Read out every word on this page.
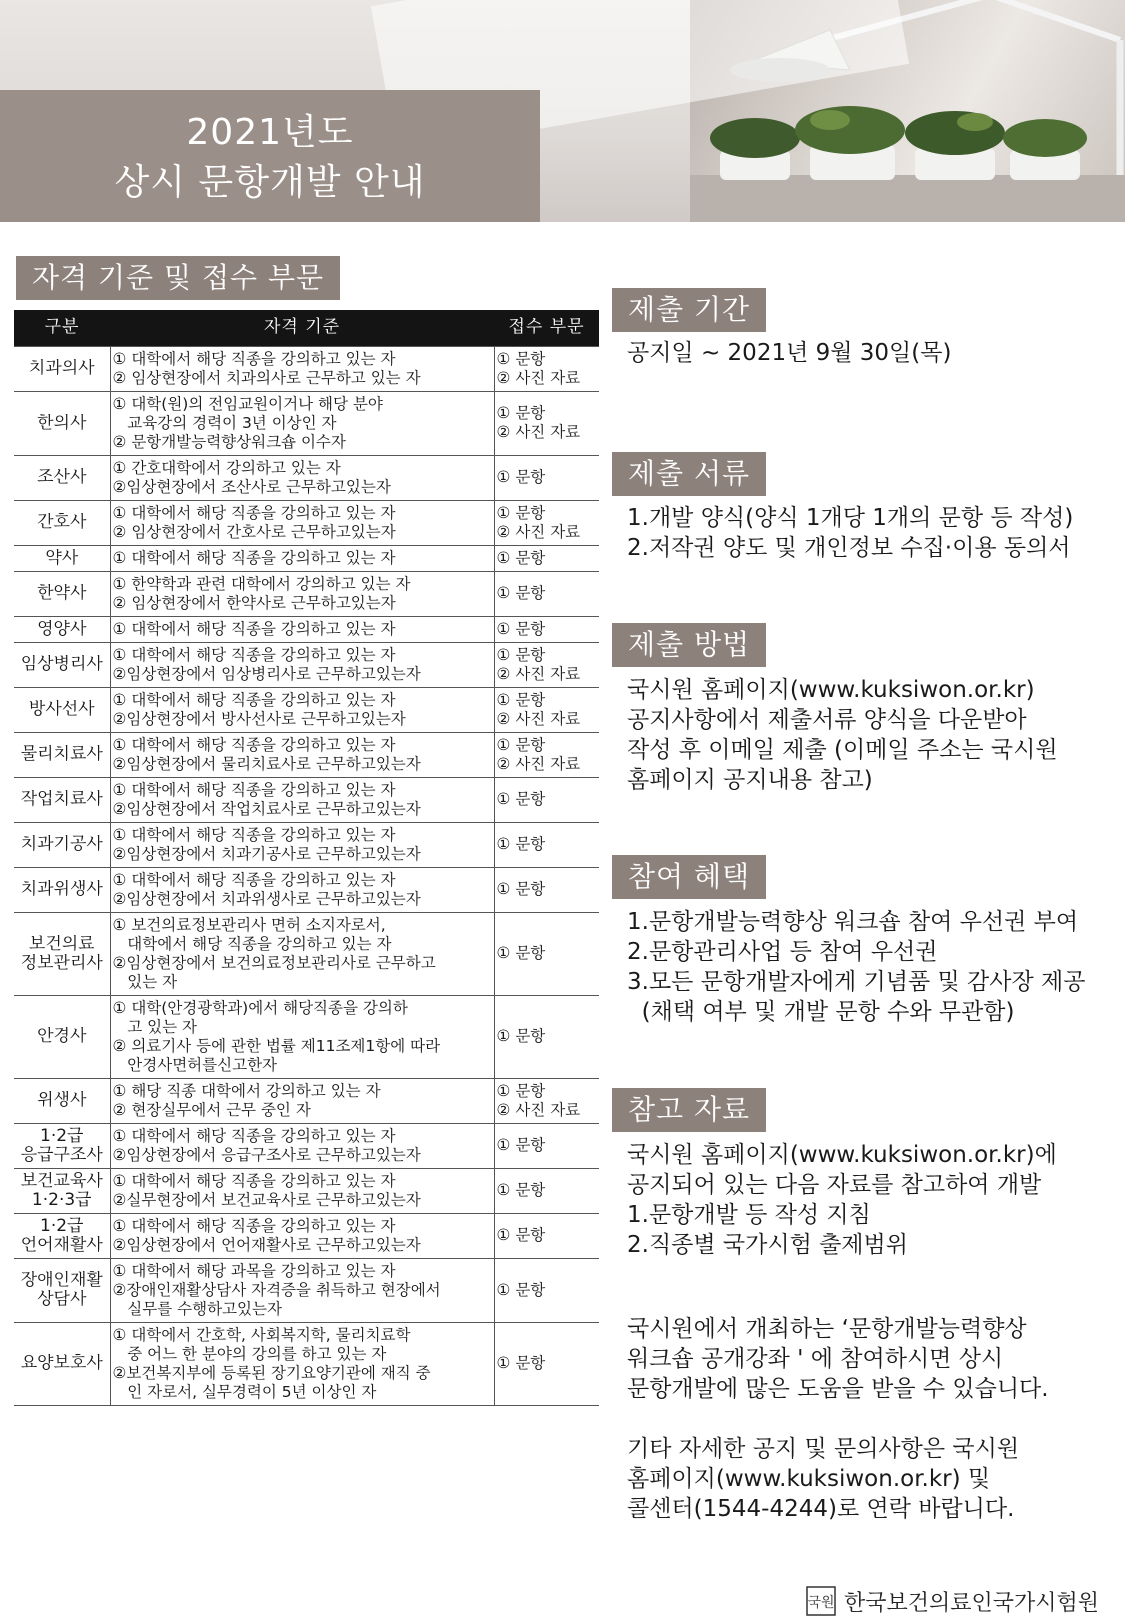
2021년도
상시 문항개발 안내
자격 기준 및 접수 부문
구분	자격 기준	접수 부문

치과의사	① 대학에서 해당 직종을 강의하고 있는 자
② 임상현장에서 치과의사로 근무하고 있는 자	① 문항
② 사진 자료

한의사	① 대학(원)의 전임교원이거나 해당 분야
교육강의 경력이 3년 이상인 자
② 문항개발능력향상워크숍 이수자	① 문항
② 사진 자료

조산사	① 간호대학에서 강의하고 있는 자
②임상현장에서 조산사로 근무하고있는자	① 문항

간호사	① 대학에서 해당 직종을 강의하고 있는 자
② 임상현장에서 간호사로 근무하고있는자	① 문항
② 사진 자료

약사	① 대학에서 해당 직종을 강의하고 있는 자	① 문항

한약사	① 한약학과 관련 대학에서 강의하고 있는 자
② 임상현장에서 한약사로 근무하고있는자	① 문항

영양사	① 대학에서 해당 직종을 강의하고 있는 자	① 문항

임상병리사	① 대학에서 해당 직종을 강의하고 있는 자
②임상현장에서 임상병리사로 근무하고있는자	① 문항
② 사진 자료

방사선사	① 대학에서 해당 직종을 강의하고 있는 자
②임상현장에서 방사선사로 근무하고있는자	① 문항
② 사진 자료

물리치료사	① 대학에서 해당 직종을 강의하고 있는 자
②임상현장에서 물리치료사로 근무하고있는자	① 문항
② 사진 자료

작업치료사	① 대학에서 해당 직종을 강의하고 있는 자
②임상현장에서 작업치료사로 근무하고있는자	① 문항

치과기공사	① 대학에서 해당 직종을 강의하고 있는 자
②임상현장에서 치과기공사로 근무하고있는자	① 문항

치과위생사	① 대학에서 해당 직종을 강의하고 있는 자
②임상현장에서 치과위생사로 근무하고있는자	① 문항

보건의료
정보관리사	① 보건의료정보관리사 면허 소지자로서,
대학에서 해당 직종을 강의하고 있는 자
②임상현장에서 보건의료정보관리사로 근무하고
있는 자	① 문항

안경사	① 대학(안경광학과)에서 해당직종을 강의하
고 있는 자
② 의료기사 등에 관한 법률 제11조제1항에 따라
안경사면허를신고한자	① 문항

위생사	① 해당 직종 대학에서 강의하고 있는 자
② 현장실무에서 근무 중인 자	① 문항
② 사진 자료

1·2급
응급구조사	① 대학에서 해당 직종을 강의하고 있는 자
②임상현장에서 응급구조사로 근무하고있는자	① 문항

보건교육사
1·2·3급	① 대학에서 해당 직종을 강의하고 있는 자
②실무현장에서 보건교육사로 근무하고있는자	① 문항

1·2급
언어재활사	① 대학에서 해당 직종을 강의하고 있는 자
②임상현장에서 언어재활사로 근무하고있는자	① 문항

장애인재활
상담사	① 대학에서 해당 과목을 강의하고 있는 자
②장애인재활상담사 자격증을 취득하고 현장에서
실무를 수행하고있는자	① 문항

요양보호사	① 대학에서 간호학, 사회복지학, 물리치료학
중 어느 한 분야의 강의를 하고 있는 자
②보건복지부에 등록된 장기요양기관에 재직 중
인 자로서, 실무경력이 5년 이상인 자	① 문항
제출 기간
공지일 ~ 2021년 9월 30일(목)
제출 서류
1.개발 양식(양식 1개당 1개의 문항 등 작성)
2.저작권 양도 및 개인정보 수집·이용 동의서
제출 방법
국시원 홈페이지(www.kuksiwon.or.kr)
공지사항에서 제출서류 양식을 다운받아
작성 후 이메일 제출 (이메일 주소는 국시원
홈페이지 공지내용 참고)
참여 혜택
1.문항개발능력향상 워크숍 참여 우선권 부여
2.문항관리사업 등 참여 우선권
3.모든 문항개발자에게 기념품 및 감사장 제공
(채택 여부 및 개발 문항 수와 무관함)
참고 자료
국시원 홈페이지(www.kuksiwon.or.kr)에
공지되어 있는 다음 자료를 참고하여 개발
1.문항개발 등 작성 지침
2.직종별 국가시험 출제범위
국시원에서 개최하는 ‘문항개발능력향상
워크숍 공개강좌 ' 에 참여하시면 상시
문항개발에 많은 도움을 받을 수 있습니다.
기타 자세한 공지 및 문의사항은 국시원
홈페이지(www.kuksiwon.or.kr) 및
콜센터(1544-4244)로 연락 바랍니다.
국원 한국보건의료인국가시험원
